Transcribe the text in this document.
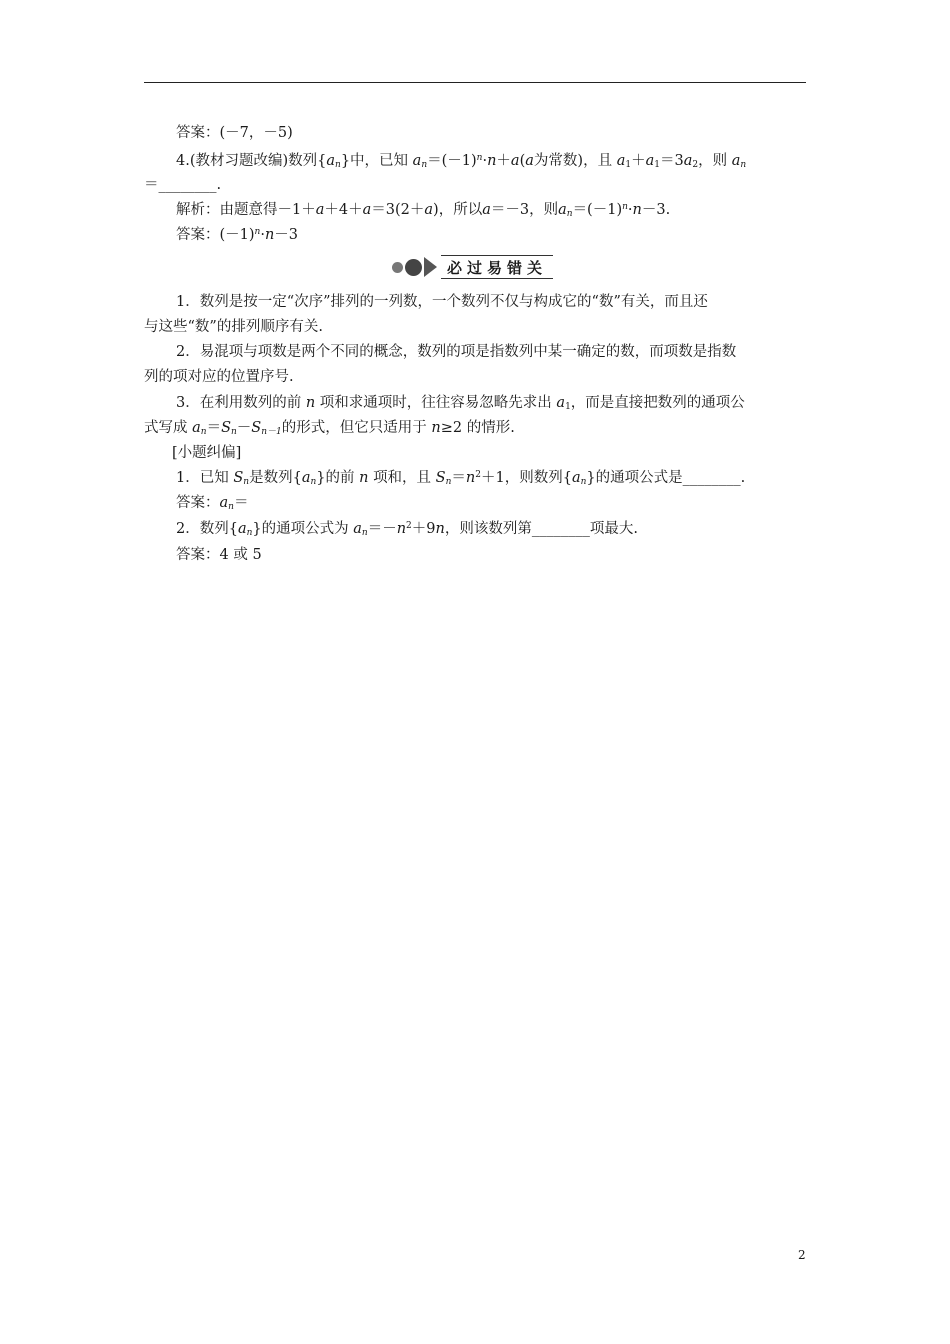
答案：(－7，－5)
4.(教材习题改编)数列$\{a_n\}$中，已知 $a_n=(-1)^n\cdot n+a(a$为常数)，且 $a_1+a_1=3a_2$，则 $a_n$
＝________.
解析：由题意得－1＋a＋4＋a＝3(2＋a)，所以a＝－3，则$a_n=(-1)^n\cdot n-3$.
答案：$(-1)^n\cdot n-3$
必过易错关
1．数列是按一定“次序”排列的一列数，一个数列不仅与构成它的“数”有关，而且还
与这些“数”的排列顺序有关.
2．易混项与项数是两个不同的概念，数列的项是指数列中某一确定的数，而项数是指数
列的项对应的位置序号.
3．在利用数列的前 n 项和求通项时，往往容易忽略先求出 $a_1$，而是直接把数列的通项公
式写成 $a_n=S_n-S_{n-1}$的形式，但它只适用于 n≥2 的情形.
[小题纠偏]
1．已知 $S_n$是数列$\{a_n\}$的前 n 项和，且 $S_n=n^2+1$，则数列$\{a_n\}$的通项公式是________.
答案：$a_n=$
2．数列$\{a_n\}$的通项公式为 $a_n=-n^2+9n$，则该数列第________项最大.
答案：4 或 5
2
